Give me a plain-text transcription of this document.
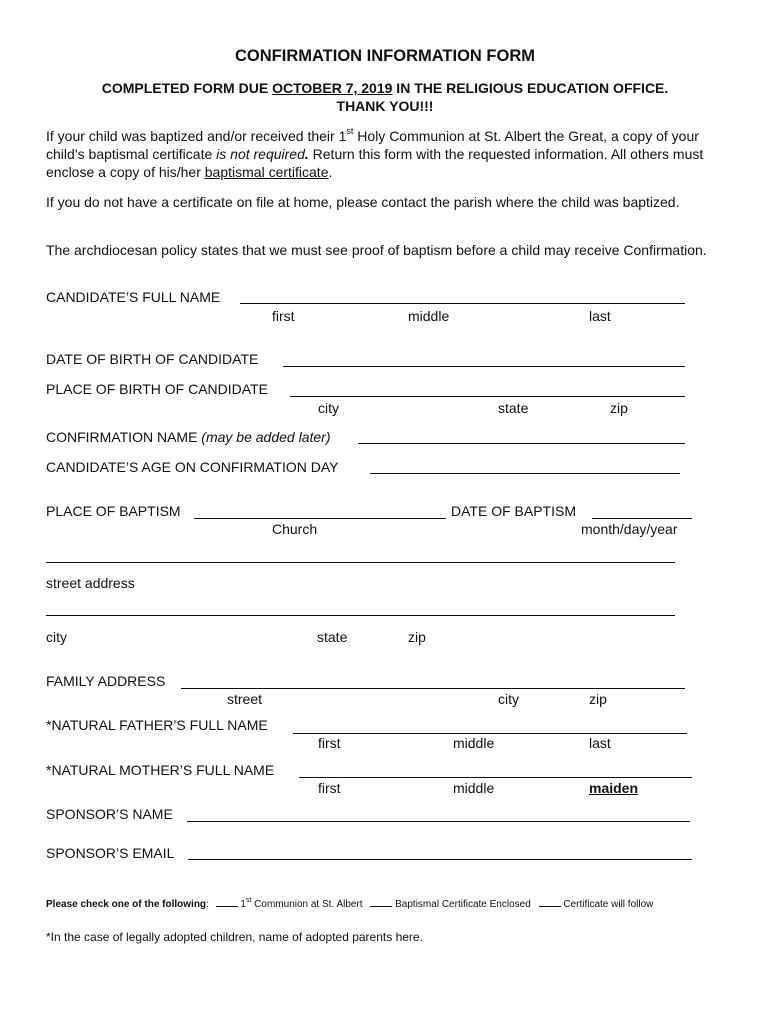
CONFIRMATION INFORMATION FORM
COMPLETED FORM DUE OCTOBER 7, 2019 IN THE RELIGIOUS EDUCATION OFFICE.
THANK YOU!!!
If your child was baptized and/or received their 1st Holy Communion at St. Albert the Great, a copy of your child’s baptismal certificate is not required. Return this form with the requested information. All others must enclose a copy of his/her baptismal certificate.
If you do not have a certificate on file at home, please contact the parish where the child was baptized.
The archdiocesan policy states that we must see proof of baptism before a child may receive Confirmation.
CANDIDATE’S FULL NAME
first	middle	last
DATE OF BIRTH OF CANDIDATE
PLACE OF BIRTH OF CANDIDATE
city	state	zip
CONFIRMATION NAME (may be added later)
CANDIDATE’S AGE ON CONFIRMATION DAY
PLACE OF BAPTISM	DATE OF BAPTISM
Church	month/day/year
street address
city	state	zip
FAMILY ADDRESS
street	city	zip
*NATURAL FATHER’S FULL NAME
first	middle	last
*NATURAL MOTHER’S FULL NAME
first	middle	maiden
SPONSOR’S NAME
SPONSOR’S EMAIL
Please check one of the following:	1st Communion at St. Albert	Baptismal Certificate Enclosed	Certificate will follow
*In the case of legally adopted children, name of adopted parents here.
